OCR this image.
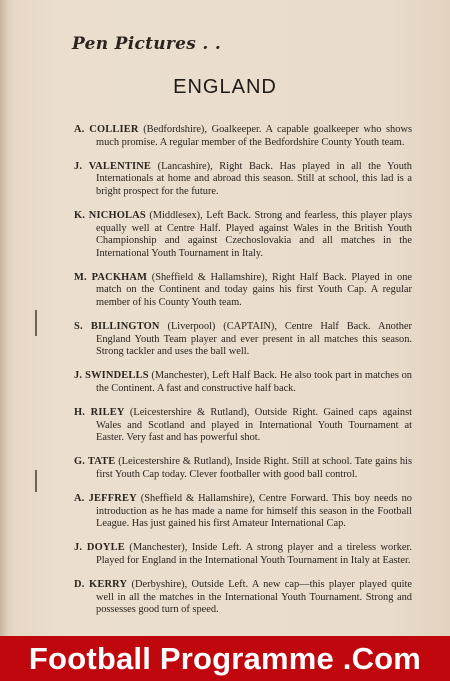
Pen Pictures . .
ENGLAND

A. COLLIER (Bedfordshire), Goalkeeper. A capable goalkeeper who shows much promise. A regular member of the Bedfordshire County Youth team.

J. VALENTINE (Lancashire), Right Back. Has played in all the Youth Internationals at home and abroad this season. Still at school, this lad is a bright prospect for the future.

K. NICHOLAS (Middlesex), Left Back. Strong and fearless, this player plays equally well at Centre Half. Played against Wales in the British Youth Championship and against Czechoslovakia and all matches in the International Youth Tournament in Italy.

M. PACKHAM (Sheffield & Hallamshire), Right Half Back. Played in one match on the Continent and today gains his first Youth Cap. A regular member of his County Youth team.

S. BILLINGTON (Liverpool) (CAPTAIN), Centre Half Back. Another England Youth Team player and ever present in all matches this season. Strong tackler and uses the ball well.

J. SWINDELLS (Manchester), Left Half Back. He also took part in matches on the Continent. A fast and constructive half back.

H. RILEY (Leicestershire & Rutland), Outside Right. Gained caps against Wales and Scotland and played in International Youth Tournament at Easter. Very fast and has powerful shot.

G. TATE (Leicestershire & Rutland), Inside Right. Still at school. Tate gains his first Youth Cap today. Clever footballer with good ball control.

A. JEFFREY (Sheffield & Hallamshire), Centre Forward. This boy needs no introduction as he has made a name for himself this season in the Football League. Has just gained his first Amateur International Cap.

J. DOYLE (Manchester), Inside Left. A strong player and a tireless worker. Played for England in the International Youth Tournament in Italy at Easter.

D. KERRY (Derbyshire), Outside Left. A new cap—this player played quite well in all the matches in the International Youth Tournament. Strong and possesses good turn of speed.

Football Programme .Com
